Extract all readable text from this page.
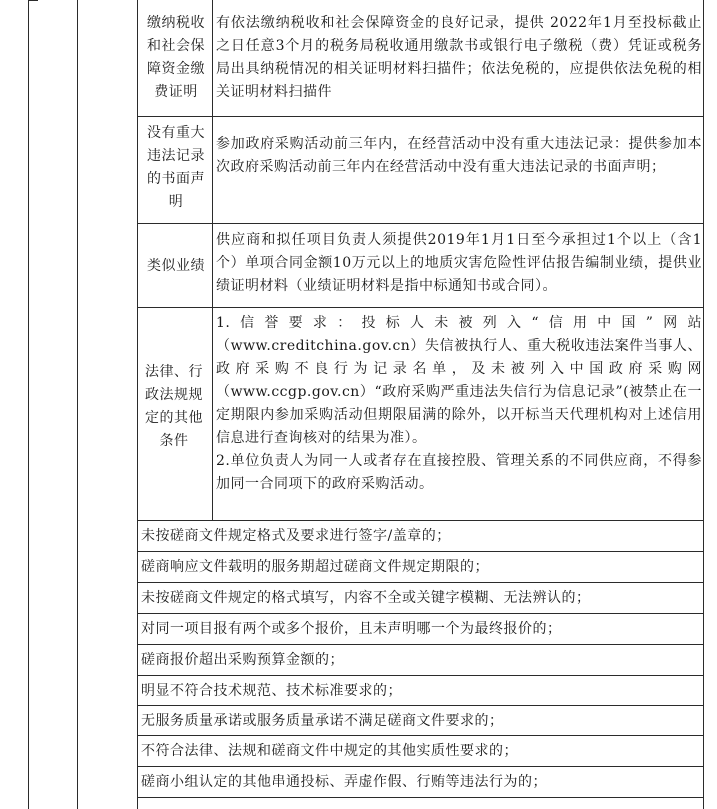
缴纳税收和社会保障资金缴费证明
有依法缴纳税收和社会保障资金的良好记录，提供 2022年1月至投标截止之日任意3个月的税务局税收通用缴款书或银行电子缴税（费）凭证或税务局出具纳税情况的相关证明材料扫描件；依法免税的，应提供依法免税的相关证明材料扫描件
没有重大违法记录的书面声明
参加政府采购活动前三年内，在经营活动中没有重大违法记录：提供参加本次政府采购活动前三年内在经营活动中没有重大违法记录的书面声明；
类似业绩
供应商和拟任项目负责人须提供2019年1月1日至今承担过1个以上（含1个）单项合同金额10万元以上的地质灾害危险性评估报告编制业绩，提供业绩证明材料（业绩证明材料是指中标通知书或合同）。
法律、行政法规规定的其他条件
1.信誉要求：投标人未被列入“信用中国”网站（www.creditchina.gov.cn）失信被执行人、重大税收违法案件当事人、政府采购不良行为记录名单，及未被列入中国政府采购网（www.ccgp.gov.cn）“政府采购严重违法失信行为信息记录”(被禁止在一定期限内参加采购活动但期限届满的除外，以开标当天代理机构对上述信用信息进行查询核对的结果为准）。
2.单位负责人为同一人或者存在直接控股、管理关系的不同供应商，不得参加同一合同项下的政府采购活动。
未按磋商文件规定格式及要求进行签字/盖章的；
磋商响应文件载明的服务期超过磋商文件规定期限的；
未按磋商文件规定的格式填写，内容不全或关键字模糊、无法辨认的；
对同一项目报有两个或多个报价，且未声明哪一个为最终报价的；
磋商报价超出采购预算金额的；
明显不符合技术规范、技术标准要求的；
无服务质量承诺或服务质量承诺不满足磋商文件要求的；
不符合法律、法规和磋商文件中规定的其他实质性要求的；
磋商小组认定的其他串通投标、弄虚作假、行贿等违法行为的；
